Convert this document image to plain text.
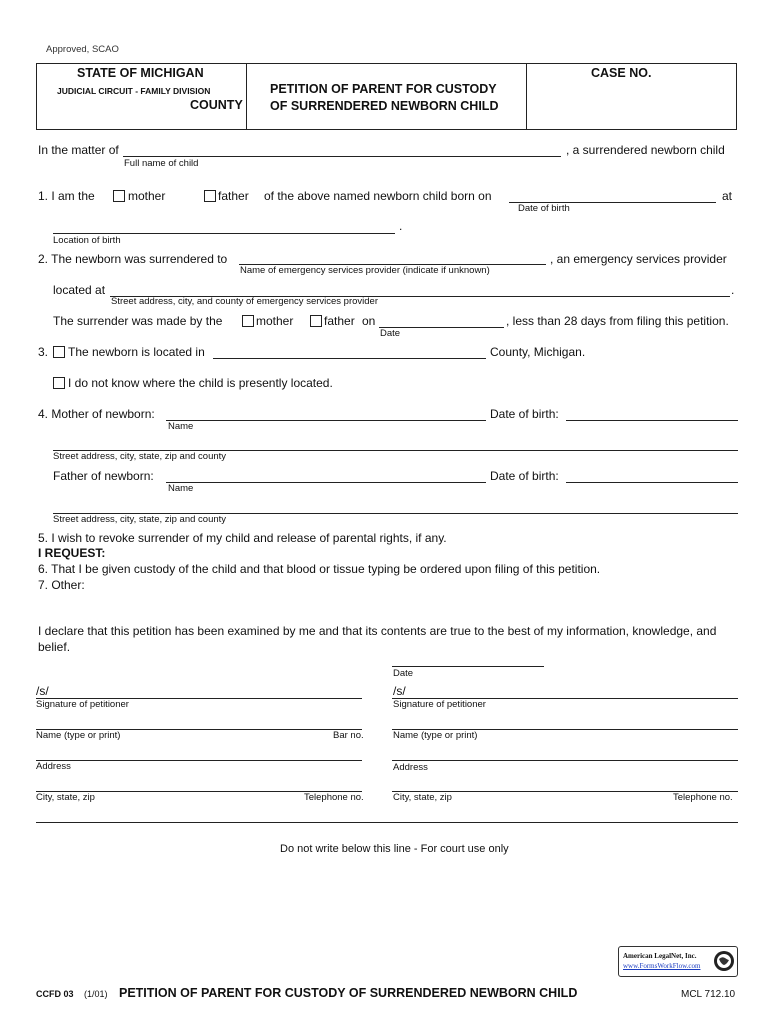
Approved, SCAO
STATE OF MICHIGAN
JUDICIAL CIRCUIT - FAMILY DIVISION
COUNTY
PETITION OF PARENT FOR CUSTODY
OF SURRENDERED NEWBORN CHILD
CASE NO.
In the matter of	, a surrendered newborn child
Full name of child
1. I am the	mother	father of the above named newborn child born on	at
Date of birth
.
Location of birth
2. The newborn was surrendered to	, an emergency services provider
Name of emergency services provider (indicate if unknown)
located at	.
Street address, city, and county of emergency services provider
The surrender was made by the	mother	father on	, less than 28 days from filing this petition.
Date
3. The newborn is located in	County, Michigan.
I do not know where the child is presently located.
4. Mother of newborn:	Date of birth:
Name
Street address, city, state, zip and county
Father of newborn:	Date of birth:
Name
Street address, city, state, zip and county
5. I wish to revoke surrender of my child and release of parental rights, if any.
I REQUEST:
6. That I be given custody of the child and that blood or tissue typing be ordered upon filing of this petition.
7. Other:
I declare that this petition has been examined by me and that its contents are true to the best of my information, knowledge, and
belief.
Date
/s/
Signature of petitioner
/s/
Signature of petitioner
Name (type or print)	Bar no.	Name (type or print)
Address	Address
City, state, zip	Telephone no.	City, state, zip	Telephone no.
Do not write below this line - For court use only
American LegalNet, Inc.
www.FormsWorkFlow.com
CCFD 03 (1/01) PETITION OF PARENT FOR CUSTODY OF SURRENDERED NEWBORN CHILD	MCL 712.10
